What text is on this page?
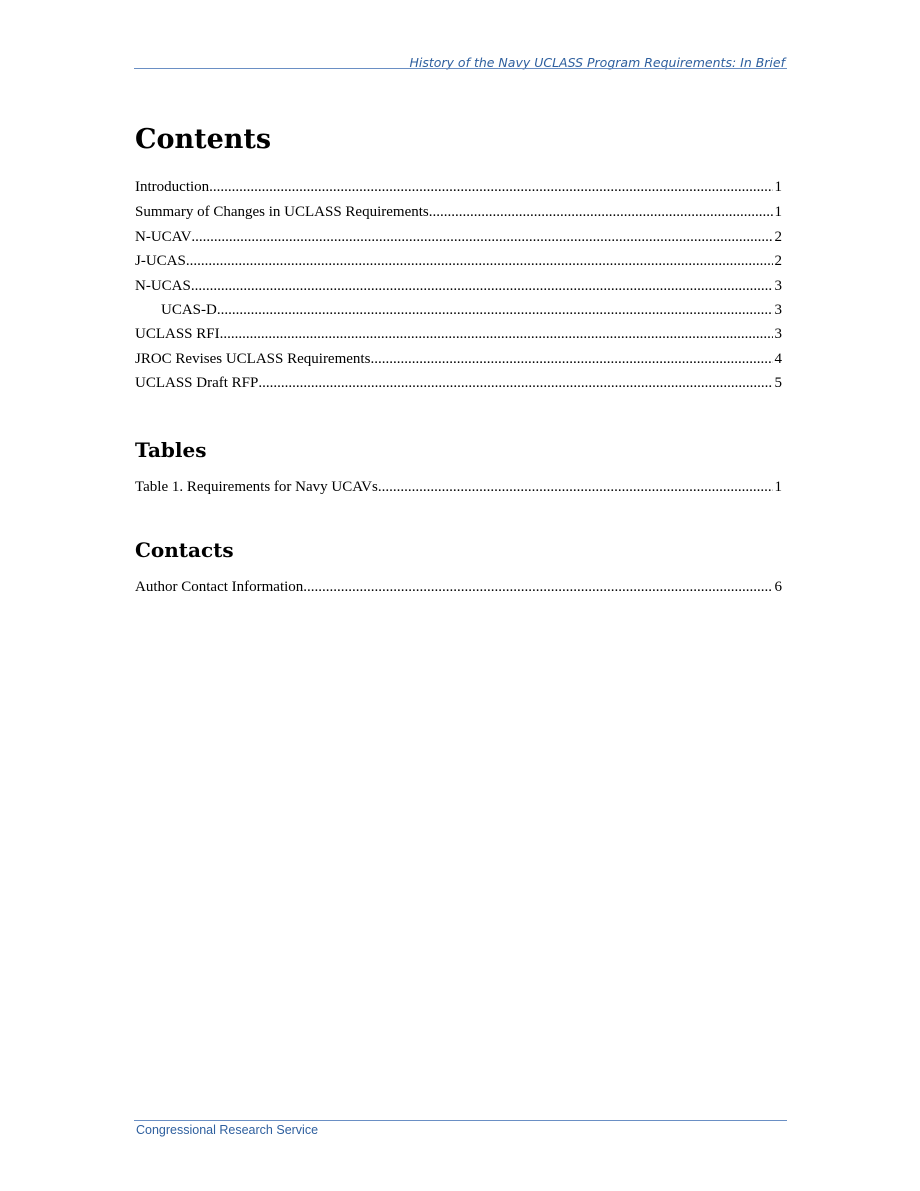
History of the Navy UCLASS Program Requirements: In Brief
Contents
Introduction .....	1
Summary of Changes in UCLASS Requirements .....	1
N-UCAV .....	2
J-UCAS .....	2
N-UCAS .....	3
UCAS-D .....	3
UCLASS RFI .....	3
JROC Revises UCLASS Requirements .....	4
UCLASS Draft RFP .....	5
Tables
Table 1. Requirements for Navy UCAVs .....	1
Contacts
Author Contact Information .....	6
Congressional Research Service
